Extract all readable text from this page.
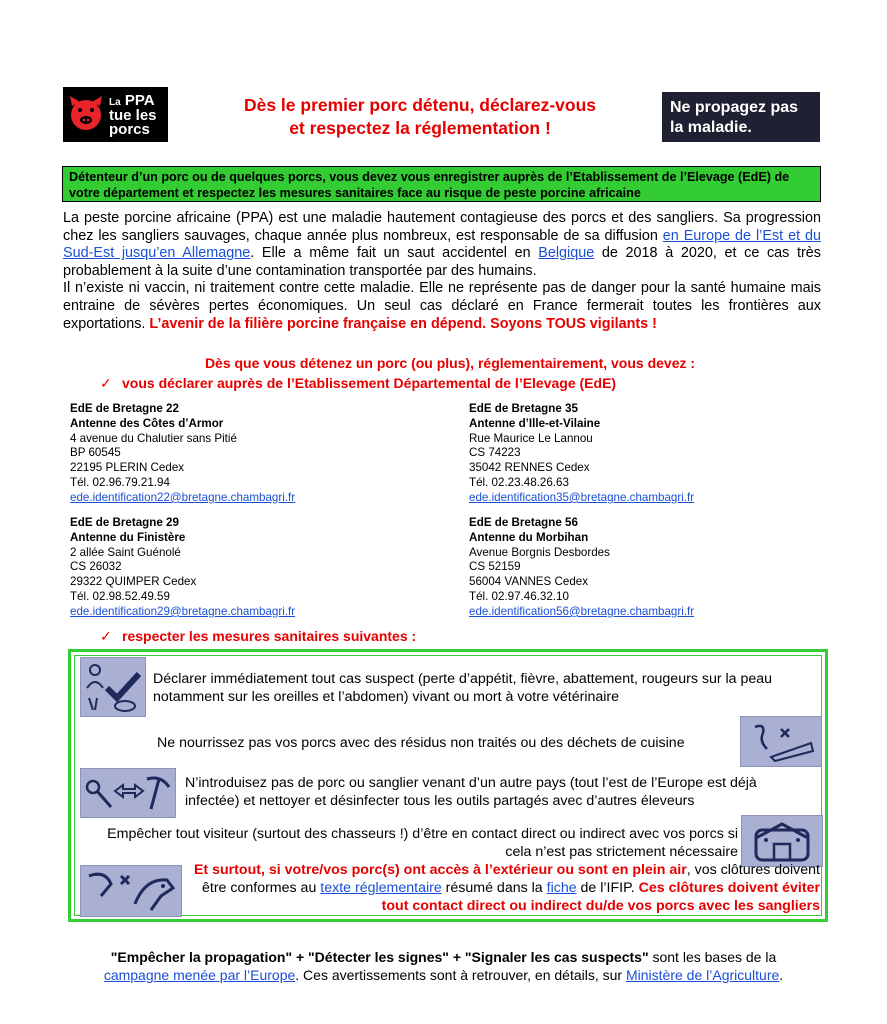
La PPA
tue les
porcs
Dès le premier porc détenu, déclarez-vous
et respectez la réglementation !
Ne propagez pas
la maladie.
Détenteur d’un porc ou de quelques porcs, vous devez vous enregistrer auprès de l’Etablissement de l’Elevage (EdE) de votre département et respectez les mesures sanitaires face au risque de peste porcine africaine
La peste porcine africaine (PPA) est une maladie hautement contagieuse des porcs et des sangliers. Sa progression chez les sangliers sauvages, chaque année plus nombreux, est responsable de sa diffusion en Europe de l’Est et du Sud-Est jusqu’en Allemagne. Elle a même fait un saut accidentel en Belgique de 2018 à 2020, et ce cas très probablement à la suite d’une contamination transportée par des humains.
Il n’existe ni vaccin, ni traitement contre cette maladie. Elle ne représente pas de danger pour la santé humaine mais entraine de sévères pertes économiques. Un seul cas déclaré en France fermerait toutes les frontières aux exportations. L’avenir de la filière porcine française en dépend. Soyons TOUS vigilants !
Dès que vous détenez un porc (ou plus), réglementairement, vous devez :
✓ vous déclarer auprès de l’Etablissement Départemental de l’Elevage (EdE)
EdE de Bretagne 22
Antenne des Côtes d’Armor
4 avenue du Chalutier sans Pitié
BP 60545
22195 PLERIN Cedex
Tél. 02.96.79.21.94
ede.identification22@bretagne.chambagri.fr
EdE de Bretagne 35
Antenne d’Ille-et-Vilaine
Rue Maurice Le Lannou
CS 74223
35042 RENNES Cedex
Tél. 02.23.48.26.63
ede.identification35@bretagne.chambagri.fr
EdE de Bretagne 29
Antenne du Finistère
2 allée Saint Guénolé
CS 26032
29322 QUIMPER Cedex
Tél. 02.98.52.49.59
ede.identification29@bretagne.chambagri.fr
EdE de Bretagne 56
Antenne du Morbihan
Avenue Borgnis Desbordes
CS 52159
56004 VANNES Cedex
Tél. 02.97.46.32.10
ede.identification56@bretagne.chambagri.fr
✓ respecter les mesures sanitaires suivantes :
Déclarer immédiatement tout cas suspect (perte d’appétit, fièvre, abattement, rougeurs sur la peau notamment sur les oreilles et l’abdomen) vivant ou mort à votre vétérinaire
Ne nourrissez pas vos porcs avec des résidus non traités ou des déchets de cuisine
N’introduisez pas de porc ou sanglier venant d’un autre pays (tout l’est de l’Europe est déjà infectée) et nettoyer et désinfecter tous les outils partagés avec d’autres éleveurs
Empêcher tout visiteur (surtout des chasseurs !) d’être en contact direct ou indirect avec vos porcs si cela n’est pas strictement nécessaire
Et surtout, si votre/vos porc(s) ont accès à l’extérieur ou sont en plein air, vos clôtures doivent être conformes au texte réglementaire résumé dans la fiche de l’IFIP. Ces clôtures doivent éviter tout contact direct ou indirect du/de vos porcs avec les sangliers
"Empêcher la propagation" + "Détecter les signes" + "Signaler les cas suspects" sont les bases de la
campagne menée par l’Europe. Ces avertissements sont à retrouver, en détails, sur Ministère de l’Agriculture.
